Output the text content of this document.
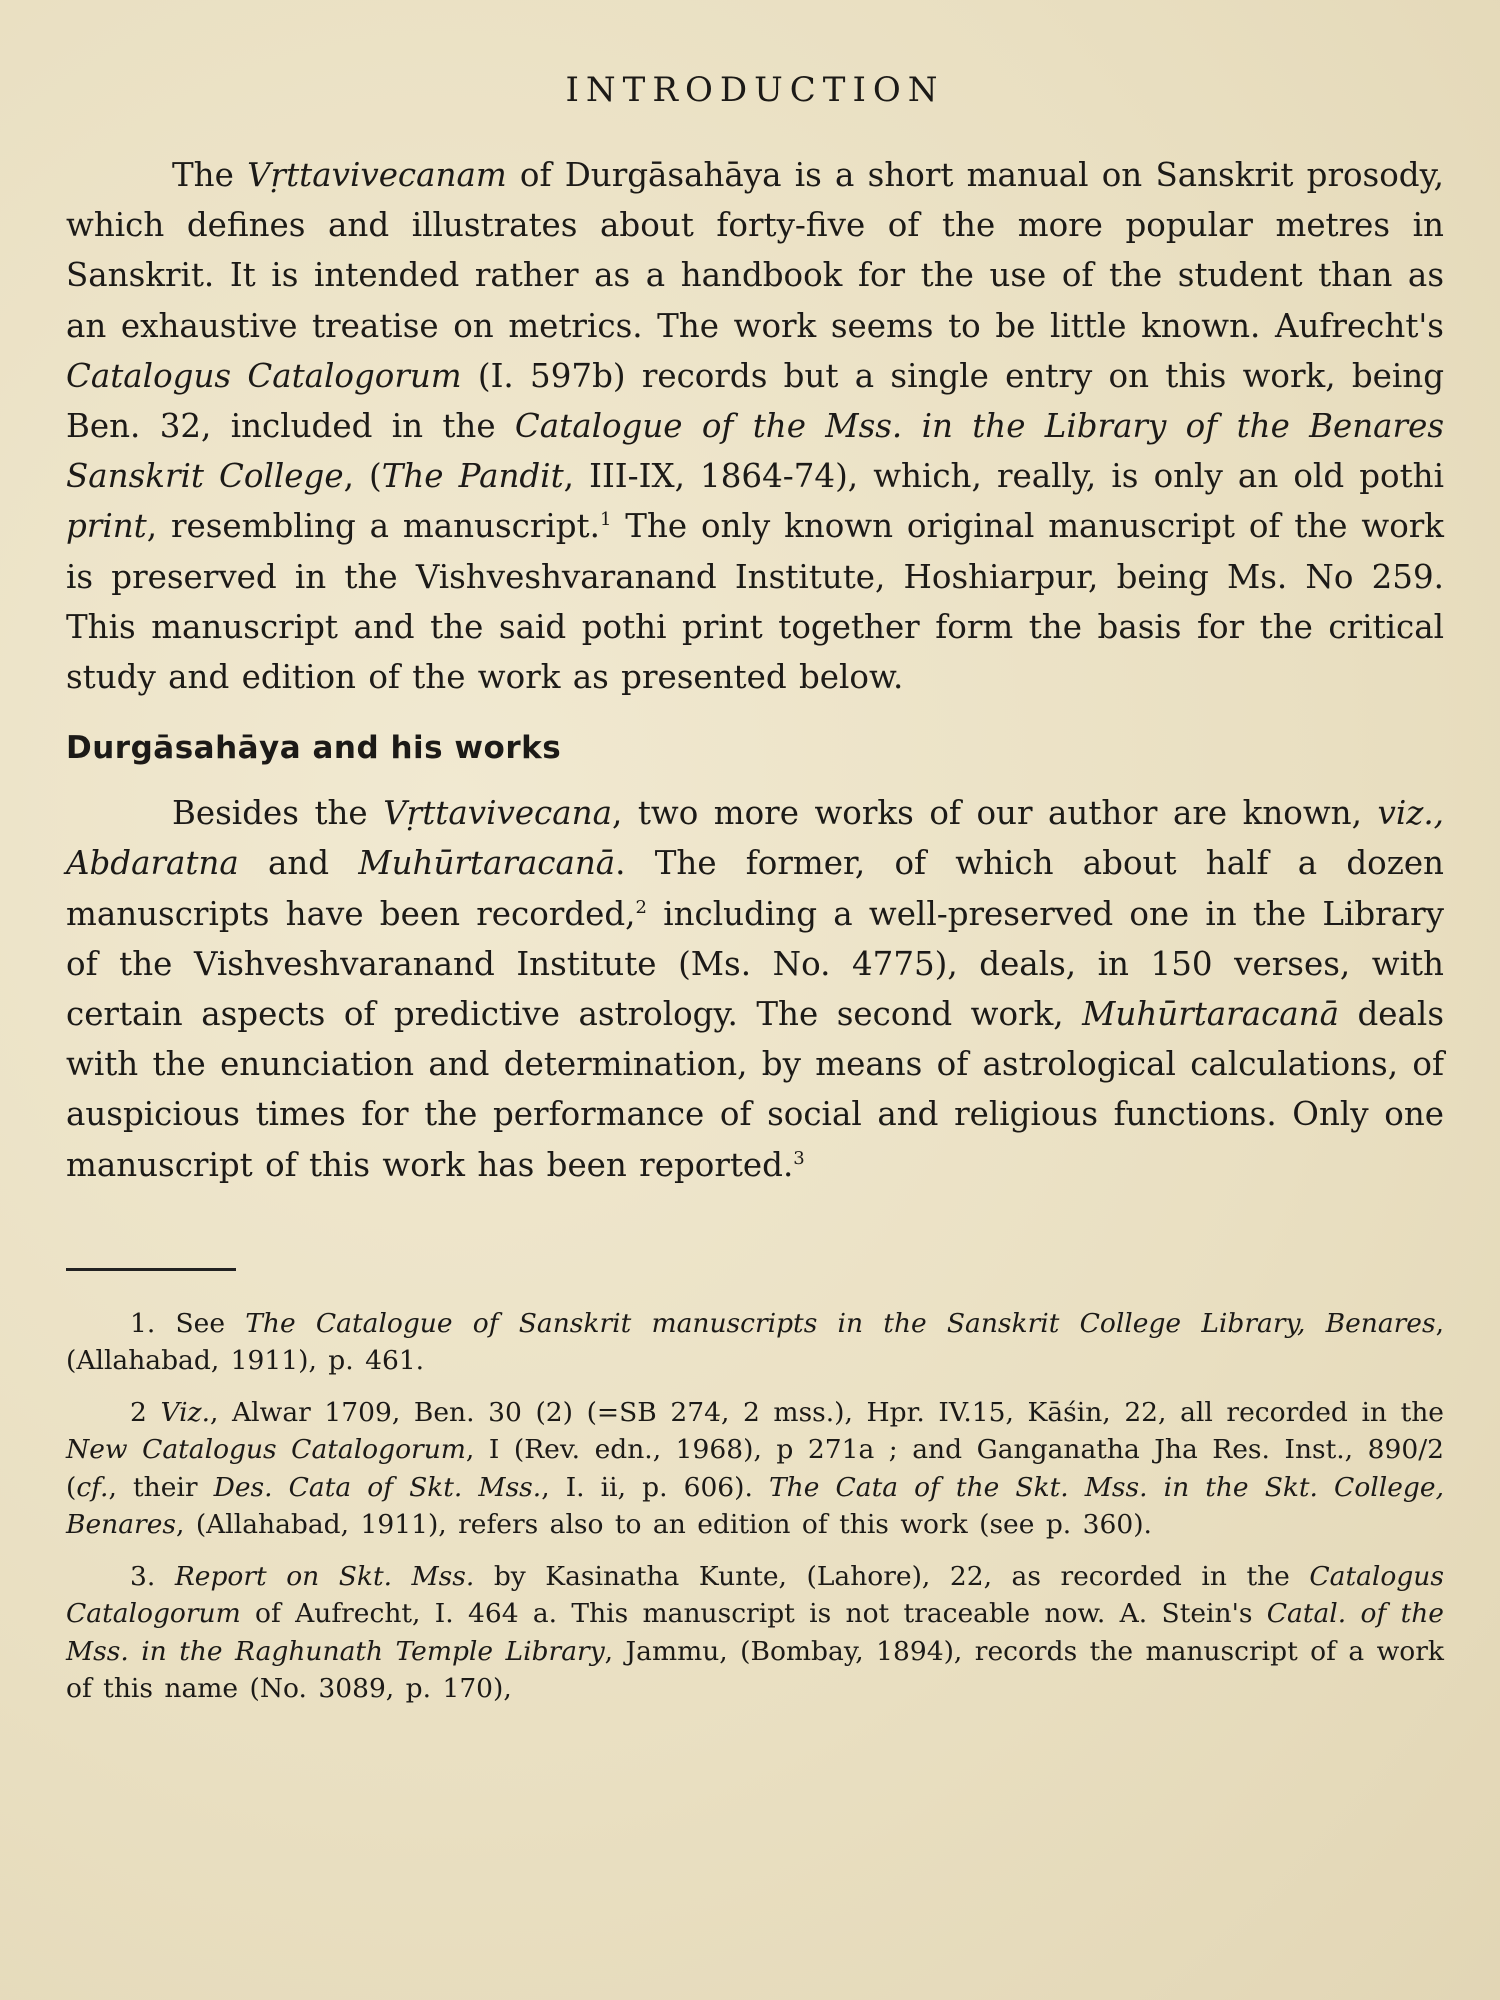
INTRODUCTION

The Vṛttavivecanam of Durgāsahāya is a short manual on Sanskrit prosody, which defines and illustrates about forty-five of the more popular metres in Sanskrit. It is intended rather as a handbook for the use of the student than as an exhaustive treatise on metrics. The work seems to be little known. Aufrecht's Catalogus Catalogorum (I. 597b) records but a single entry on this work, being Ben. 32, included in the Catalogue of the Mss. in the Library of the Benares Sanskrit College, (The Pandit, III-IX, 1864-74), which, really, is only an old pothi print, resembling a manuscript.$^1$ The only known original manuscript of the work is preserved in the Vishveshvaranand Institute, Hoshiarpur, being Ms. No 259. This manuscript and the said pothi print together form the basis for the critical study and edition of the work as presented below.

Durgāsahāya and his works

Besides the Vṛttavivecana, two more works of our author are known, viz., Abdaratna and Muhūrtaracanā. The former, of which about half a dozen manuscripts have been recorded,$^2$ including a well-preserved one in the Library of the Vishveshvaranand Institute (Ms. No. 4775), deals, in 150 verses, with certain aspects of predictive astrology. The second work, Muhūrtaracanā deals with the enunciation and determination, by means of astrological calculations, of auspicious times for the performance of social and religious functions. Only one manuscript of this work has been reported.$^3$

1. See The Catalogue of Sanskrit manuscripts in the Sanskrit College Library, Benares, (Allahabad, 1911), p. 461.

2 Viz., Alwar 1709, Ben. 30 (2) (=SB 274, 2 mss.), Hpr. IV.15, Kāśin, 22, all recorded in the New Catalogus Catalogorum, I (Rev. edn., 1968), p 271a ; and Ganganatha Jha Res. Inst., 890/2 (cf., their Des. Cata of Skt. Mss., I. ii, p. 606). The Cata of the Skt. Mss. in the Skt. College, Benares, (Allahabad, 1911), refers also to an edition of this work (see p. 360).

3. Report on Skt. Mss. by Kasinatha Kunte, (Lahore), 22, as recorded in the Catalogus Catalogorum of Aufrecht, I. 464 a. This manuscript is not traceable now. A. Stein's Catal. of the Mss. in the Raghunath Temple Library, Jammu, (Bombay, 1894), records the manuscript of a work of this name (No. 3089, p. 170),
